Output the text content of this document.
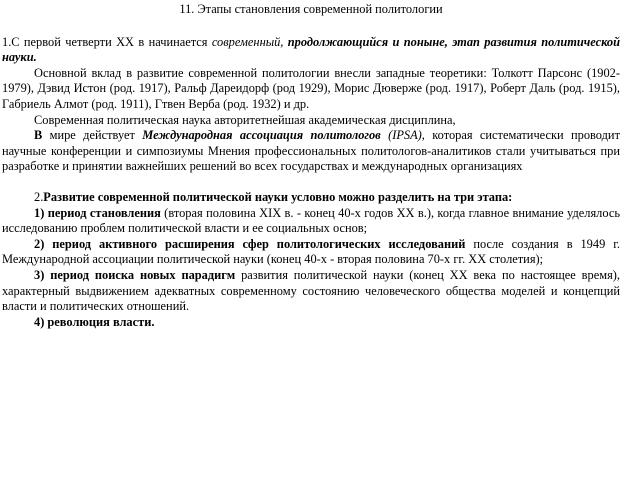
11. Этапы становления современной политологии

1.С первой четверти XX в начинается современный, продолжающийся и поныне, этап развития политической науки.

Основной вклад в развитие современной политологии внесли западные теоретики: Толкотт Парсонс (1902-1979), Дэвид Истон (род. 1917), Ральф Дареидорф (род 1929), Морис Дюверже (род. 1917), Роберт Даль (род. 1915), Габриель Алмот (род. 1911), Гтвен Верба (род. 1932) и др.

Современная политическая наука авторитетнейшая академическая дисциплина,

В мире действует Международная ассоциация политологов (IPSA), которая систематически проводит научные конференции и симпозиумы Мнения профессиональных политологов-аналитиков стали учитываться при разработке и принятии важнейших решений во всех государствах и международных организациях

2.Развитие современной политической науки условно можно разделить на три этапа:

1) период становления (вторая половина XIX в. - конец 40-х годов XX в.), когда главное внимание уделялось исследованию проблем политической власти и ее социальных основ;

2) период активного расширения сфер политологических исследований после создания в 1949 г. Международной ассоциации политической науки (конец 40-х - вторая половина 70-х гг. XX столетия);

3) период поиска новых парадигм развития политической науки (конец XX века по настоящее время), характерный выдвижением адекватных современному состоянию человеческого общества моделей и концепций власти и политических отношений.

4) революция власти.
